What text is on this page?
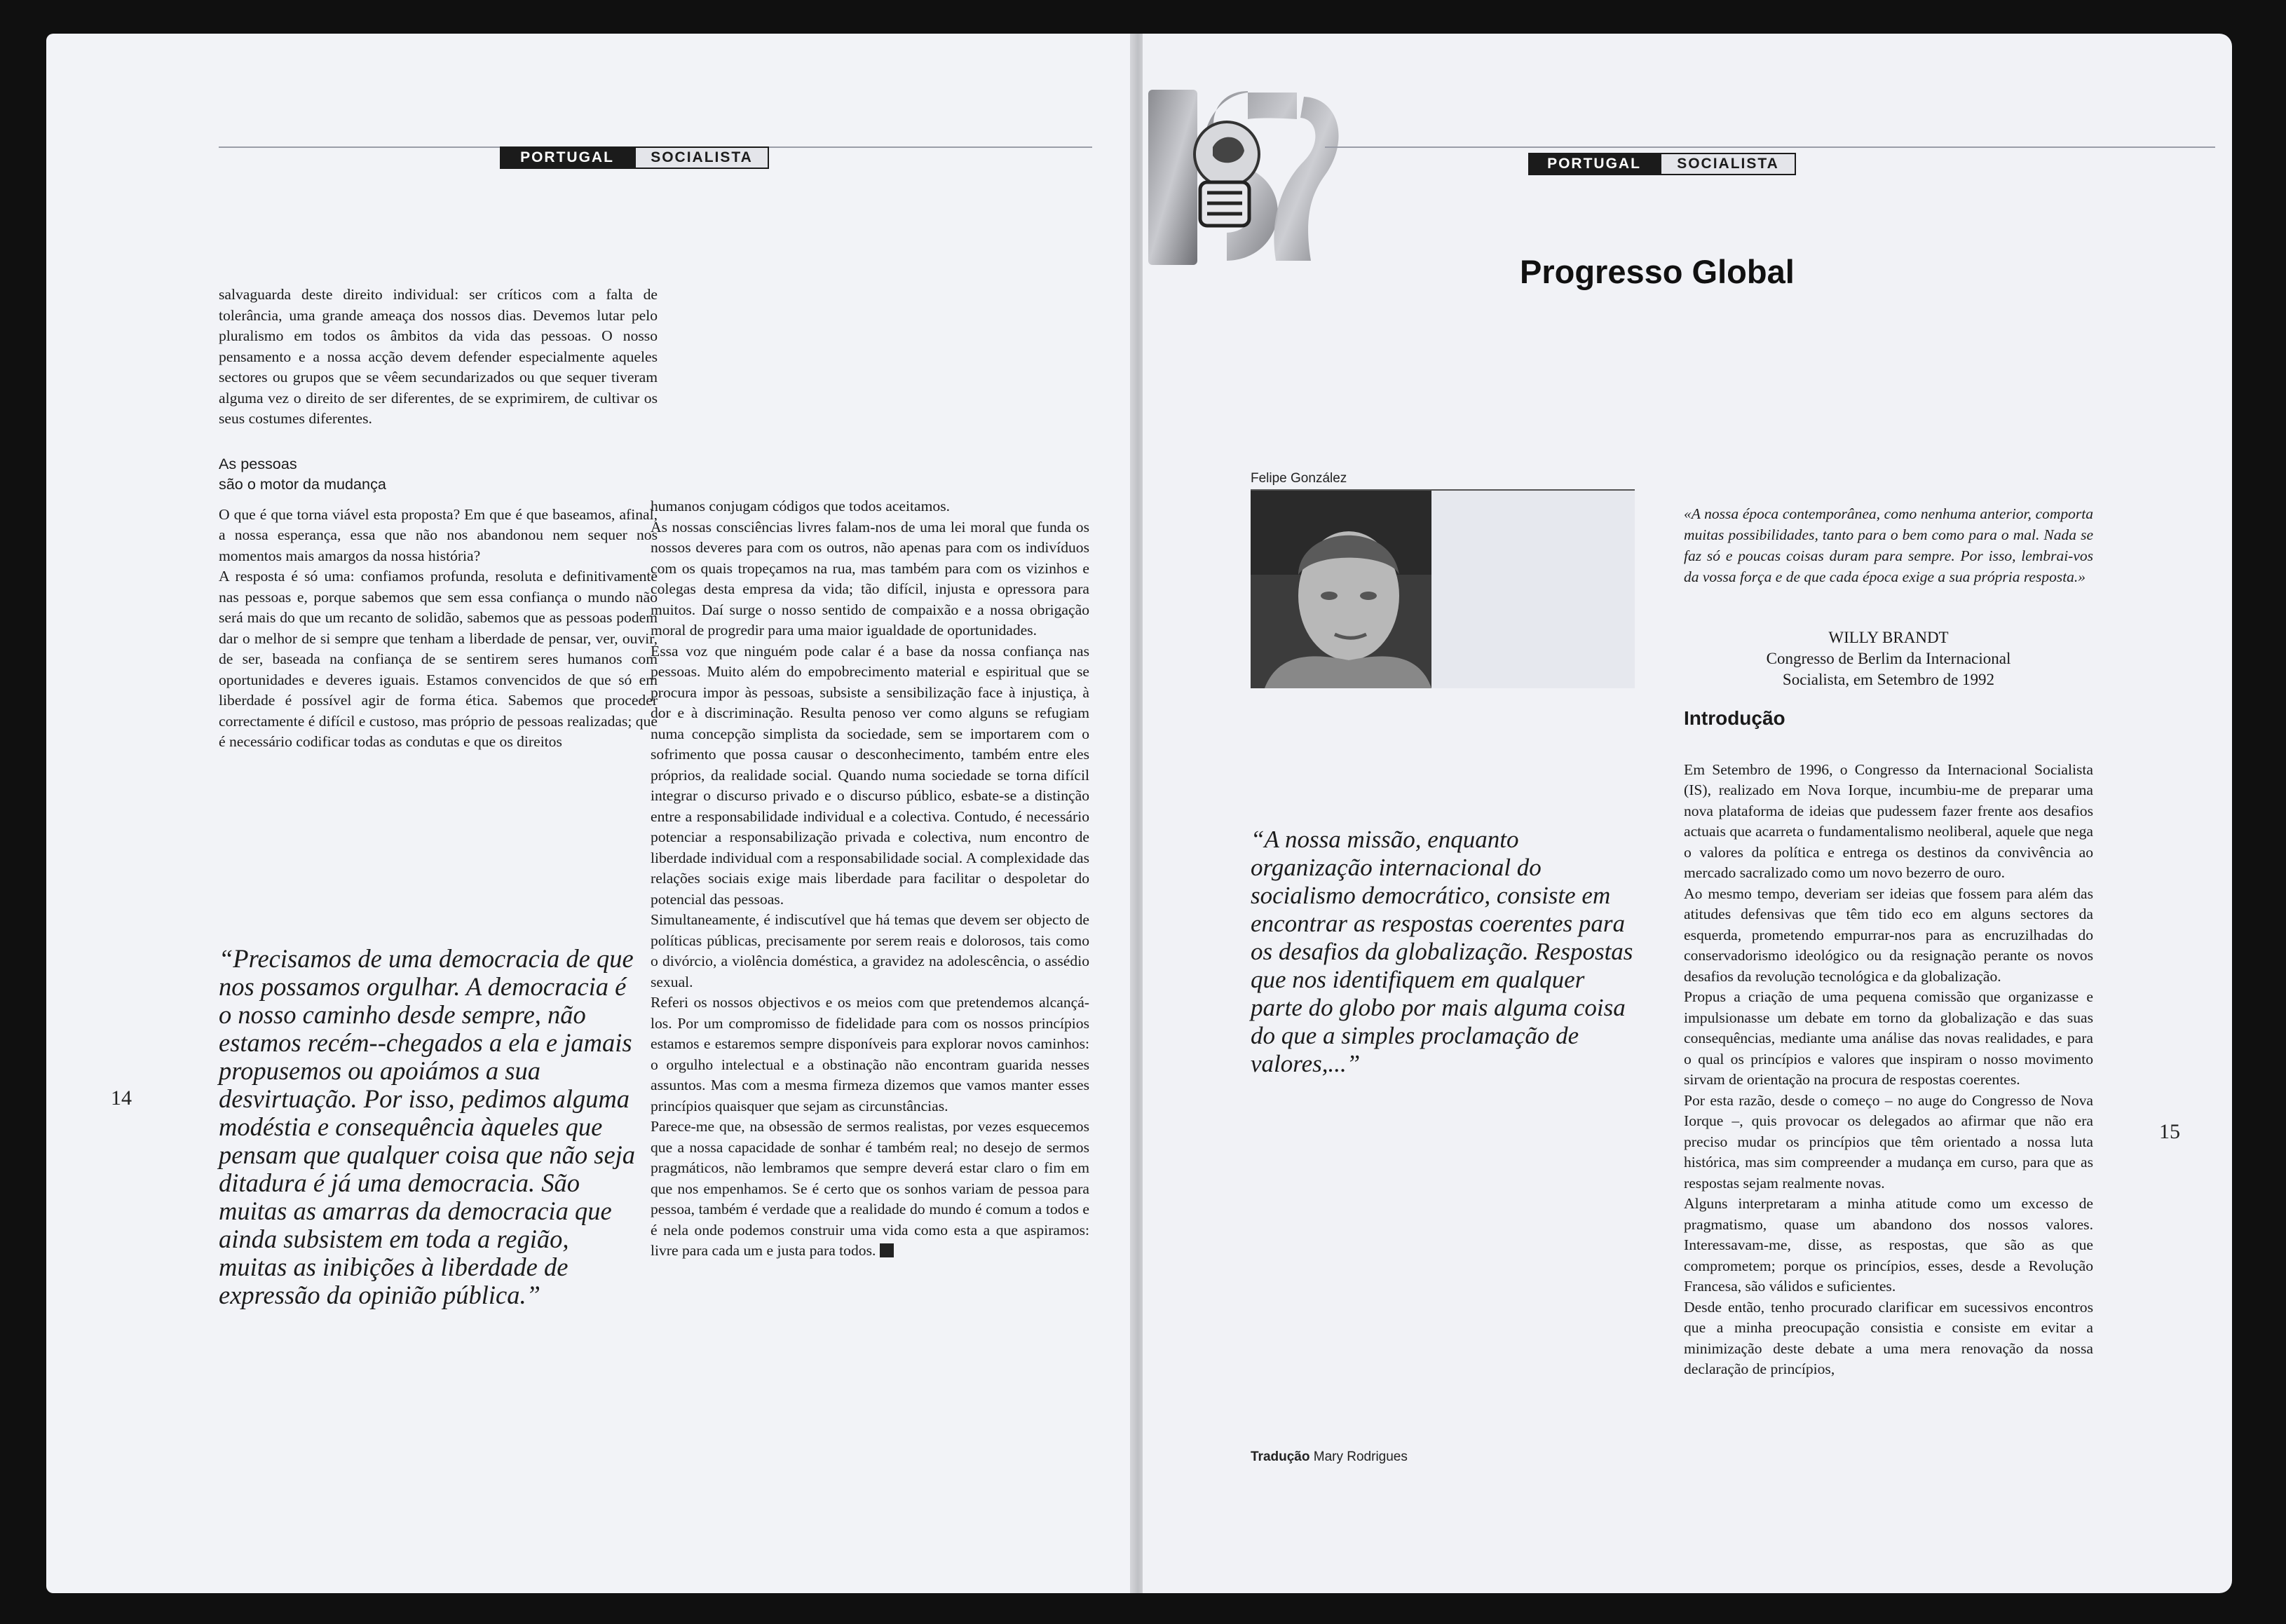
PORTUGAL	SOCIALISTA

salvaguarda deste direito individual: ser críticos com a falta de tolerância, uma grande ameaça dos nossos dias. Devemos lutar pelo pluralismo em todos os âmbitos da vida das pessoas. O nosso pensamento e a nossa acção devem defender especialmente aqueles sectores ou grupos que se vêem secundarizados ou que sequer tiveram alguma vez o direito de ser diferentes, de se exprimirem, de cultivar os seus costumes diferentes.

As pessoas

são o motor da mudança

O que é que torna viável esta proposta? Em que é que baseamos, afinal, a nossa esperança, essa que não nos abandonou nem sequer nos momentos mais amargos da nossa história?

A resposta é só uma: confiamos profunda, resoluta e definitivamente nas pessoas e, porque sabemos que sem essa confiança o mundo não será mais do que um recanto de solidão, sabemos que as pessoas podem dar o melhor de si sempre que tenham a liberdade de pensar, ver, ouvir, de ser, baseada na confiança de se sentirem seres humanos com oportunidades e deveres iguais. Estamos convencidos de que só em liberdade é possível agir de forma ética. Sabemos que proceder correctamente é difícil e custoso, mas próprio de pessoas realizadas; que é necessário codificar todas as condutas e que os direitos

“Precisamos de uma democracia de que nos possamos orgulhar. A democracia é o nosso caminho desde sempre, não estamos recém--chegados a ela e jamais propusemos ou apoiámos a sua desvirtuação. Por isso, pedimos alguma modéstia e consequência àqueles que pensam que qualquer coisa que não seja ditadura é já uma democracia. São muitas as amarras da democracia que ainda subsistem em toda a região, muitas as inibições à liberdade de expressão da opinião pública.”

humanos conjugam códigos que todos aceitamos.

As nossas consciências livres falam-nos de uma lei moral que funda os nossos deveres para com os outros, não apenas para com os indivíduos com os quais tropeçamos na rua, mas também para com os vizinhos e colegas desta empresa da vida; tão difícil, injusta e opressora para muitos. Daí surge o nosso sentido de compaixão e a nossa obrigação moral de progredir para uma maior igualdade de oportunidades.

Essa voz que ninguém pode calar é a base da nossa confiança nas pessoas. Muito além do empobrecimento material e espiritual que se procura impor às pessoas, subsiste a sensibilização face à injustiça, à dor e à discriminação. Resulta penoso ver como alguns se refugiam numa concepção simplista da sociedade, sem se importarem com o sofrimento que possa causar o desconhecimento, também entre eles próprios, da realidade social. Quando numa sociedade se torna difícil integrar o discurso privado e o discurso público, esbate-se a distinção entre a responsabilidade individual e a colectiva. Contudo, é necessário potenciar a responsabilização privada e colectiva, num encontro de liberdade individual com a responsabilidade social. A complexidade das relações sociais exige mais liberdade para facilitar o despoletar do potencial das pessoas.

Simultaneamente, é indiscutível que há temas que devem ser objecto de políticas públicas, precisamente por serem reais e dolorosos, tais como o divórcio, a violência doméstica, a gravidez na adolescência, o assédio sexual.

Referi os nossos objectivos e os meios com que pretendemos alcançá-los. Por um compromisso de fidelidade para com os nossos princípios estamos e estaremos sempre disponíveis para explorar novos caminhos: o orgulho intelectual e a obstinação não encontram guarida nesses assuntos. Mas com a mesma firmeza dizemos que vamos manter esses princípios quaisquer que sejam as circunstâncias.

Parece-me que, na obsessão de sermos realistas, por vezes esquecemos que a nossa capacidade de sonhar é também real; no desejo de sermos pragmáticos, não lembramos que sempre deverá estar claro o fim em que nos empenhamos. Se é certo que os sonhos variam de pessoa para pessoa, também é verdade que a realidade do mundo é comum a todos e é nela onde podemos construir uma vida como esta a que aspiramos: livre para cada um e justa para todos.

14
PORTUGAL	SOCIALISTA
Progresso Global
Felipe González
“A nossa missão, enquanto organização internacional do socialismo democrático, consiste em encontrar as respostas coerentes para os desafios da globalização. Respostas que nos identifiquem em qualquer parte do globo por mais alguma coisa do que a simples proclamação de valores,...”
Tradução Mary Rodrigues
«A nossa época contemporânea, como nenhuma anterior, comporta muitas possibilidades, tanto para o bem como para o mal. Nada se faz só e poucas coisas duram para sempre. Por isso, lembrai-vos da vossa força e de que cada época exige a sua própria resposta.»
WILLY BRANDT
Congresso de Berlim da Internacional
Socialista, em Setembro de 1992

Introdução

Em Setembro de 1996, o Congresso da Internacional Socialista (IS), realizado em Nova Iorque, incumbiu-me de preparar uma nova plataforma de ideias que pudessem fazer frente aos desafios actuais que acarreta o fundamentalismo neoliberal, aquele que nega o valores da política e entrega os destinos da convivência ao mercado sacralizado como um novo bezerro de ouro.

Ao mesmo tempo, deveriam ser ideias que fossem para além das atitudes defensivas que têm tido eco em alguns sectores da esquerda, prometendo empurrar-nos para as encruzilhadas do conservadorismo ideológico ou da resignação perante os novos desafios da revolução tecnológica e da globalização.

Propus a criação de uma pequena comissão que organizasse e impulsionasse um debate em torno da globalização e das suas consequências, mediante uma análise das novas realidades, e para o qual os princípios e valores que inspiram o nosso movimento sirvam de orientação na procura de respostas coerentes.

Por esta razão, desde o começo – no auge do Congresso de Nova Iorque –, quis provocar os delegados ao afirmar que não era preciso mudar os princípios que têm orientado a nossa luta histórica, mas sim compreender a mudança em curso, para que as respostas sejam realmente novas.

Alguns interpretaram a minha atitude como um excesso de pragmatismo, quase um abandono dos nossos valores. Interessavam-me, disse, as respostas, que são as que comprometem; porque os princípios, esses, desde a Revolução Francesa, são válidos e suficientes.

Desde então, tenho procurado clarificar em sucessivos encontros que a minha preocupação consistia e consiste em evitar a minimização deste debate a uma mera renovação da nossa declaração de princípios,

15
